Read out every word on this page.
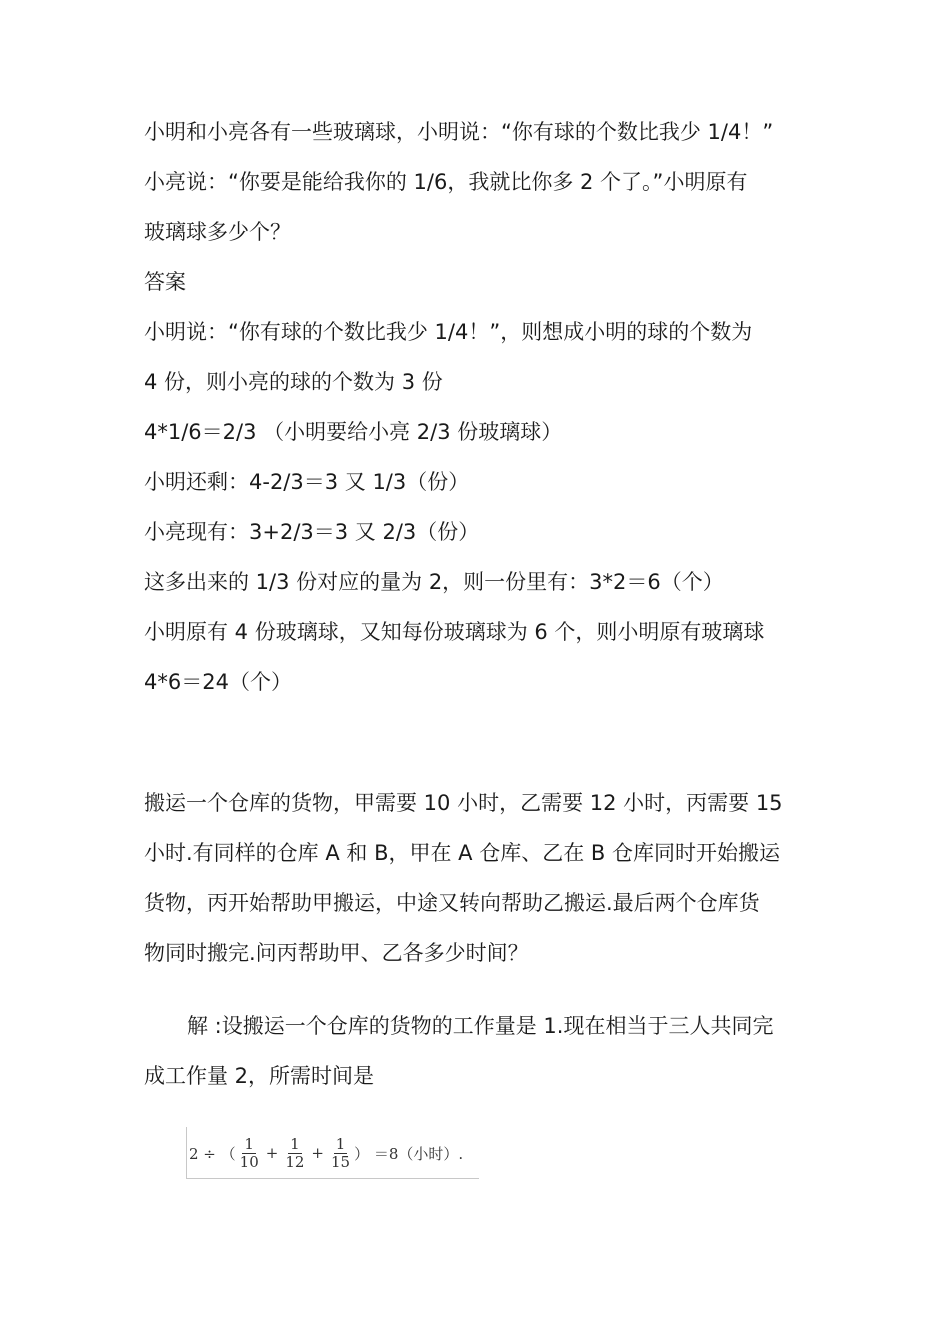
小明和小亮各有一些玻璃球，小明说：“你有球的个数比我少 1/4！”
小亮说：“你要是能给我你的 1/6，我就比你多 2 个了。”小明原有
玻璃球多少个？
答案
小明说：“你有球的个数比我少 1/4！”，则想成小明的球的个数为
4 份，则小亮的球的个数为 3 份
4*1/6＝2/3 （小明要给小亮 2/3 份玻璃球）
小明还剩：4-2/3＝3 又 1/3（份）
小亮现有：3+2/3＝3 又 2/3（份）
这多出来的 1/3 份对应的量为 2，则一份里有：3*2＝6（个）
小明原有 4 份玻璃球，又知每份玻璃球为 6 个，则小明原有玻璃球
4*6＝24（个）
搬运一个仓库的货物，甲需要 10 小时，乙需要 12 小时，丙需要 15
小时.有同样的仓库 A 和 B，甲在 A 仓库、乙在 B 仓库同时开始搬运
货物，丙开始帮助甲搬运，中途又转向帮助乙搬运.最后两个仓库货
物同时搬完.问丙帮助甲、乙各多少时间？
解 :设搬运一个仓库的货物的工作量是 1.现在相当于三人共同完
成工作量 2，所需时间是
2 ÷ （ $\frac{1}{10} + \frac{1}{12} + \frac{1}{15}$ ） ＝8（小时）.
